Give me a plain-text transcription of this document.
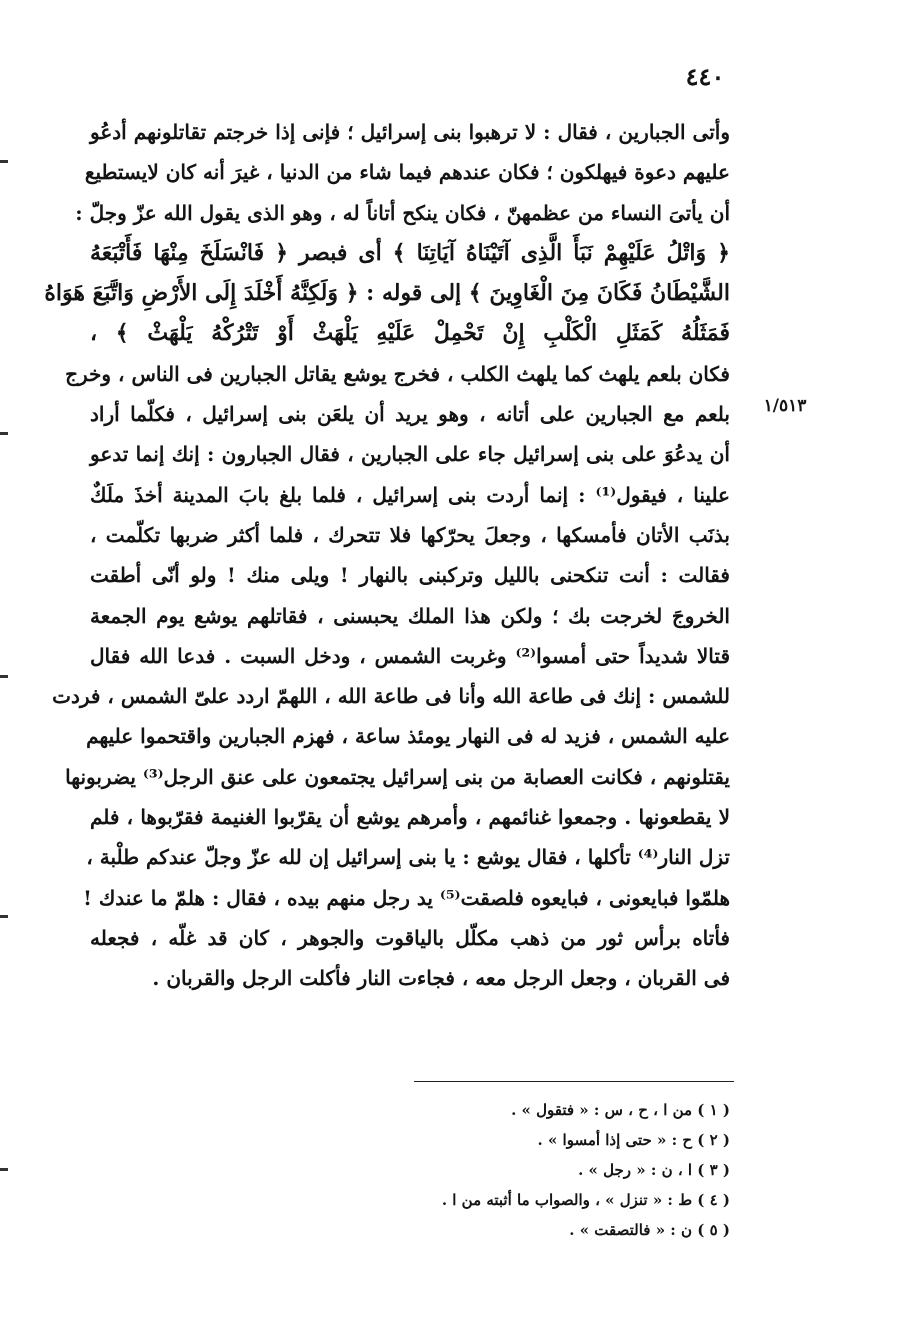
٤٤٠
وأتى الجبارين ، فقال : لا ترهبوا بنى إسرائيل ؛ فإنى إذا خرجتم تقاتلونهم أدعُو
عليهم دعوة فيهلكون ؛ فكان عندهم فيما شاء من الدنيا ، غيرَ أنه كان لايستطيع
أن يأتىَ النساء من عظمهنّ ، فكان ينكح أتاناً له ، وهو الذى يقول الله عزّ وجلّ :
﴿ وَاتْلُ عَلَيْهِمْ نَبَأَ الَّذِى آتَيْنَاهُ آيَاتِنَا ﴾ أى فبصر ﴿ فَانْسَلَخَ مِنْهَا فَأَتْبَعَهُ
الشَّيْطَانُ فَكَانَ مِنَ الْغَاوِينَ ﴾ إلى قوله : ﴿ وَلَكِنَّهُ أَخْلَدَ إِلَى الأَرْضِ وَاتَّبَعَ هَوَاهُ
فَمَثَلُهُ كَمَثَلِ الْكَلْبِ إِنْ تَحْمِلْ عَلَيْهِ يَلْهَثْ أَوْ تَتْرُكْهُ يَلْهَثْ ﴾ ،
فكان بلعم يلهث كما يلهث الكلب ، فخرج يوشع يقاتل الجبارين فى الناس ، وخرج
بلعم مع الجبارين على أتانه ، وهو يريد أن يلعَن بنى إسرائيل ، فكلّما أراد
أن يدعُوَ على بنى إسرائيل جاء على الجبارين ، فقال الجبارون : إنك إنما تدعو
علينا ، فيقول⁽¹⁾ : إنما أردت بنى إسرائيل ، فلما بلغ بابَ المدينة أخذَ ملَكٌ
بذنَب الأتان فأمسكها ، وجعلَ يحرّكها فلا تتحرك ، فلما أكثر ضربها تكلّمت ،
فقالت : أنت تنكحنى بالليل وتركبنى بالنهار ! ويلى منك ! ولو أنّى أطقت
الخروجَ لخرجت بك ؛ ولكن هذا الملك يحبسنى ، فقاتلهم يوشع يوم الجمعة
قتالا شديداً حتى أمسوا⁽²⁾ وغربت الشمس ، ودخل السبت . فدعا الله فقال
للشمس : إنك فى طاعة الله وأنا فى طاعة الله ، اللهمّ اردد علىّ الشمس ، فردت
عليه الشمس ، فزيد له فى النهار يومئذ ساعة ، فهزم الجبارين واقتحموا عليهم
يقتلونهم ، فكانت العصابة من بنى إسرائيل يجتمعون على عنق الرجل⁽³⁾ يضربونها
لا يقطعونها . وجمعوا غنائمهم ، وأمرهم يوشع أن يقرّبوا الغنيمة فقرّبوها ، فلم
تزل النار⁽⁴⁾ تأكلها ، فقال يوشع : يا بنى إسرائيل إن لله عزّ وجلّ عندكم طلْبة ،
هلمّوا فبايعونى ، فبايعوه فلصقت⁽⁵⁾ يد رجل منهم بيده ، فقال : هلمّ ما عندك !
فأتاه برأس ثور من ذهب مكلّل بالياقوت والجوهر ، كان قد غلّه ، فجعله
فى القربان ، وجعل الرجل معه ، فجاءت النار فأكلت الرجل والقربان .
١/٥١٣
( ١ ) من ا ، ح ، س : « فتقول » .
( ٢ ) ح : « حتى إذا أمسوا » .
( ٣ ) ا ، ن : « رجل » .
( ٤ ) ط : « تنزل » ، والصواب ما أثبته من ا .
( ٥ ) ن : « فالتصقت » .
